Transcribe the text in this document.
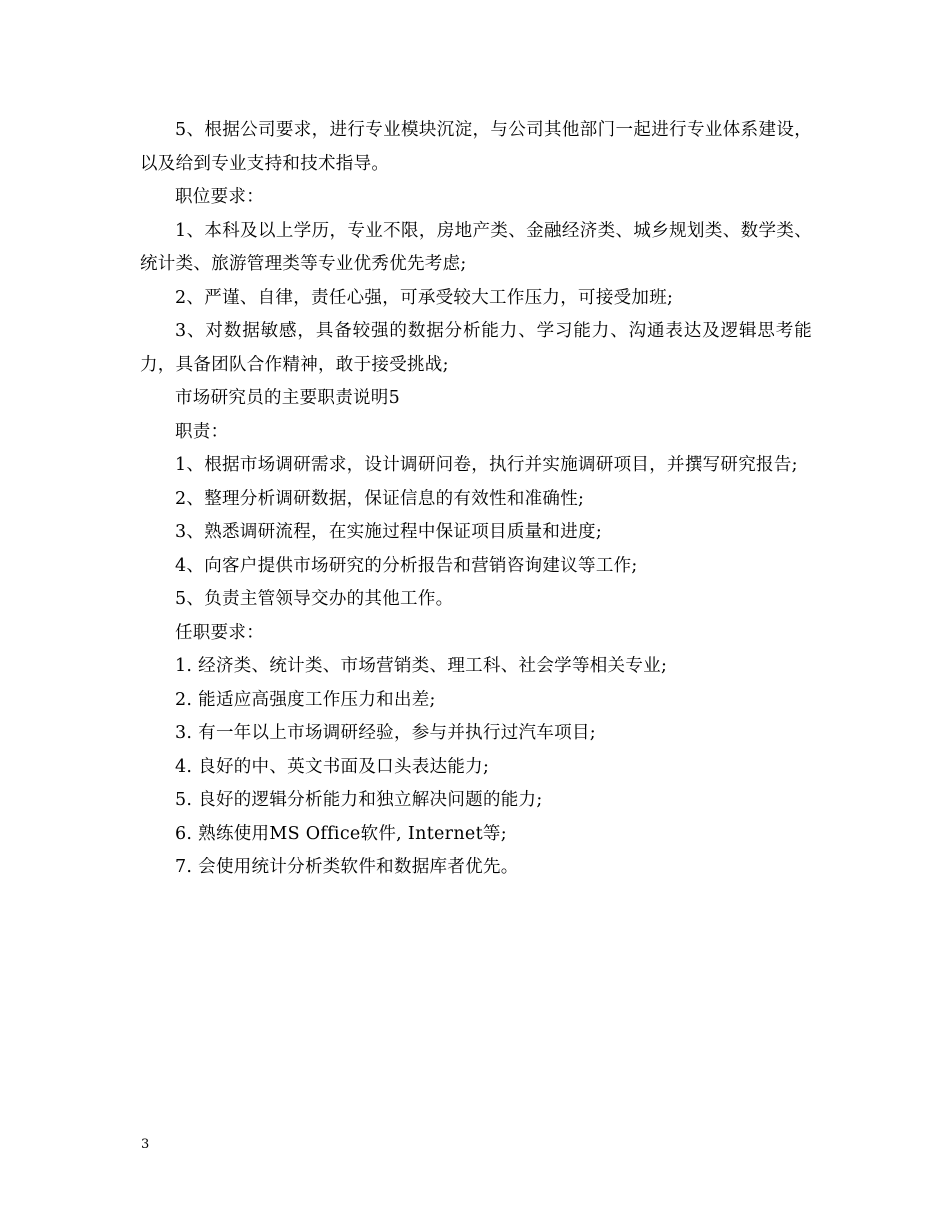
5、根据公司要求，进行专业模块沉淀，与公司其他部门一起进行专业体系建设，以及给到专业支持和技术指导。

职位要求：

1、本科及以上学历，专业不限，房地产类、金融经济类、城乡规划类、数学类、统计类、旅游管理类等专业优秀优先考虑;

2、严谨、自律，责任心强，可承受较大工作压力，可接受加班;

3、对数据敏感，具备较强的数据分析能力、学习能力、沟通表达及逻辑思考能力，具备团队合作精神，敢于接受挑战;

市场研究员的主要职责说明5

职责：

1、根据市场调研需求，设计调研问卷，执行并实施调研项目，并撰写研究报告;

2、整理分析调研数据，保证信息的有效性和准确性;

3、熟悉调研流程，在实施过程中保证项目质量和进度;

4、向客户提供市场研究的分析报告和营销咨询建议等工作;

5、负责主管领导交办的其他工作。

任职要求：

1. 经济类、统计类、市场营销类、理工科、社会学等相关专业;

2. 能适应高强度工作压力和出差;

3. 有一年以上市场调研经验，参与并执行过汽车项目;

4. 良好的中、英文书面及口头表达能力;

5. 良好的逻辑分析能力和独立解决问题的能力;

6. 熟练使用MS Office软件, Internet等;

7. 会使用统计分析类软件和数据库者优先。

3
